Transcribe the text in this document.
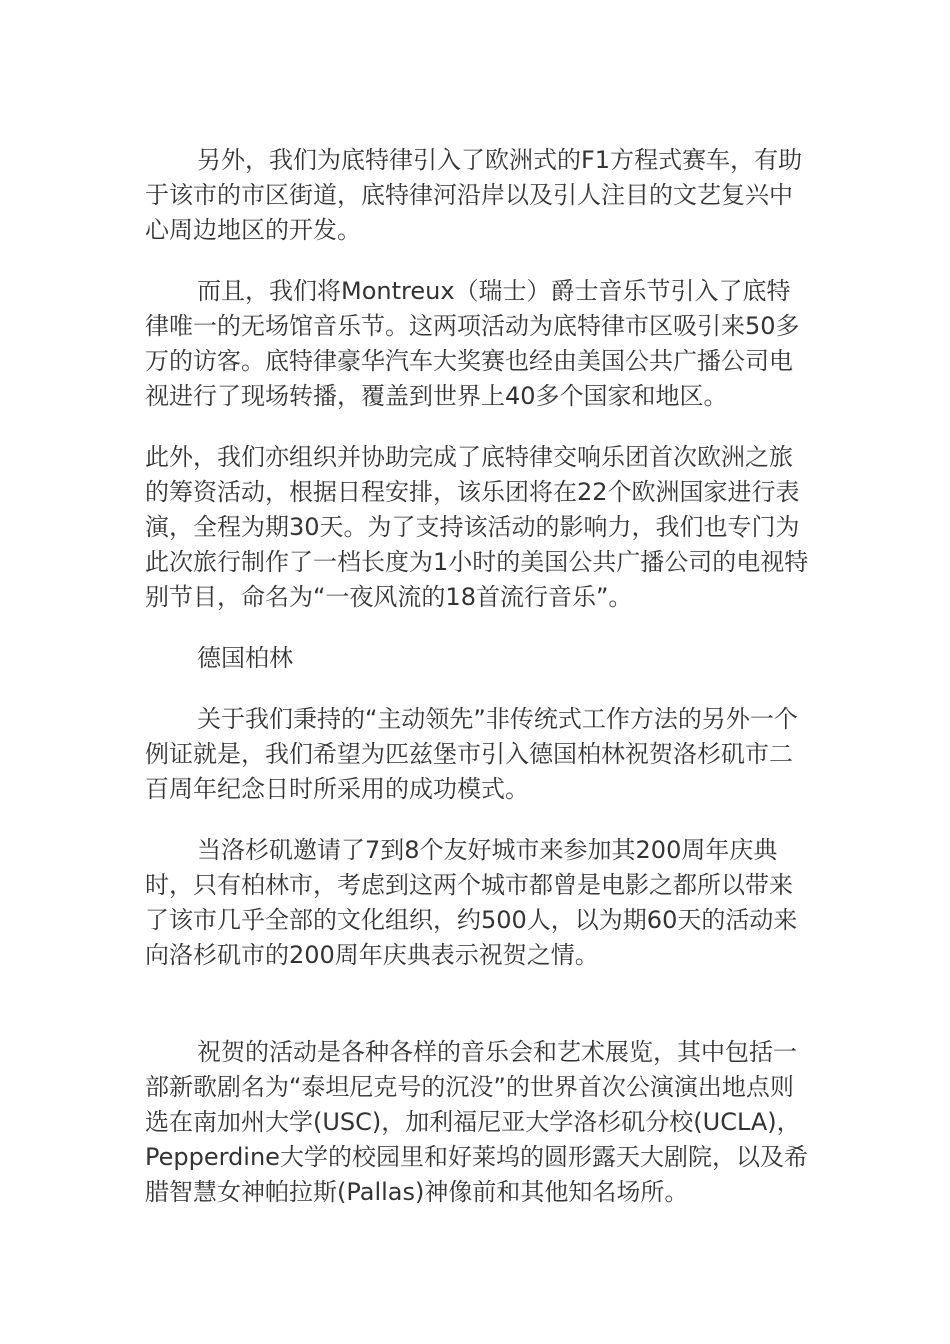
另外，我们为底特律引入了欧洲式的F1方程式赛车，有助于该市的市区街道，底特律河沿岸以及引人注目的文艺复兴中心周边地区的开发。

而且，我们将Montreux（瑞士）爵士音乐节引入了底特律唯一的无场馆音乐节。这两项活动为底特律市区吸引来50多万的访客。底特律豪华汽车大奖赛也经由美国公共广播公司电视进行了现场转播，覆盖到世界上40多个国家和地区。

此外，我们亦组织并协助完成了底特律交响乐团首次欧洲之旅的筹资活动，根据日程安排，该乐团将在22个欧洲国家进行表演，全程为期30天。为了支持该活动的影响力，我们也专门为此次旅行制作了一档长度为1小时的美国公共广播公司的电视特别节目，命名为“一夜风流的18首流行音乐”。

德国柏林

关于我们秉持的“主动领先”非传统式工作方法的另外一个例证就是，我们希望为匹兹堡市引入德国柏林祝贺洛杉矶市二百周年纪念日时所采用的成功模式。

当洛杉矶邀请了7到8个友好城市来参加其200周年庆典时，只有柏林市，考虑到这两个城市都曾是电影之都所以带来了该市几乎全部的文化组织，约500人，以为期60天的活动来向洛杉矶市的200周年庆典表示祝贺之情。

祝贺的活动是各种各样的音乐会和艺术展览，其中包括一部新歌剧名为“泰坦尼克号的沉没”的世界首次公演演出地点则选在南加州大学(USC)，加利福尼亚大学洛杉矶分校(UCLA)，Pepperdine大学的校园里和好莱坞的圆形露天大剧院，以及希腊智慧女神帕拉斯(Pallas)神像前和其他知名场所。
